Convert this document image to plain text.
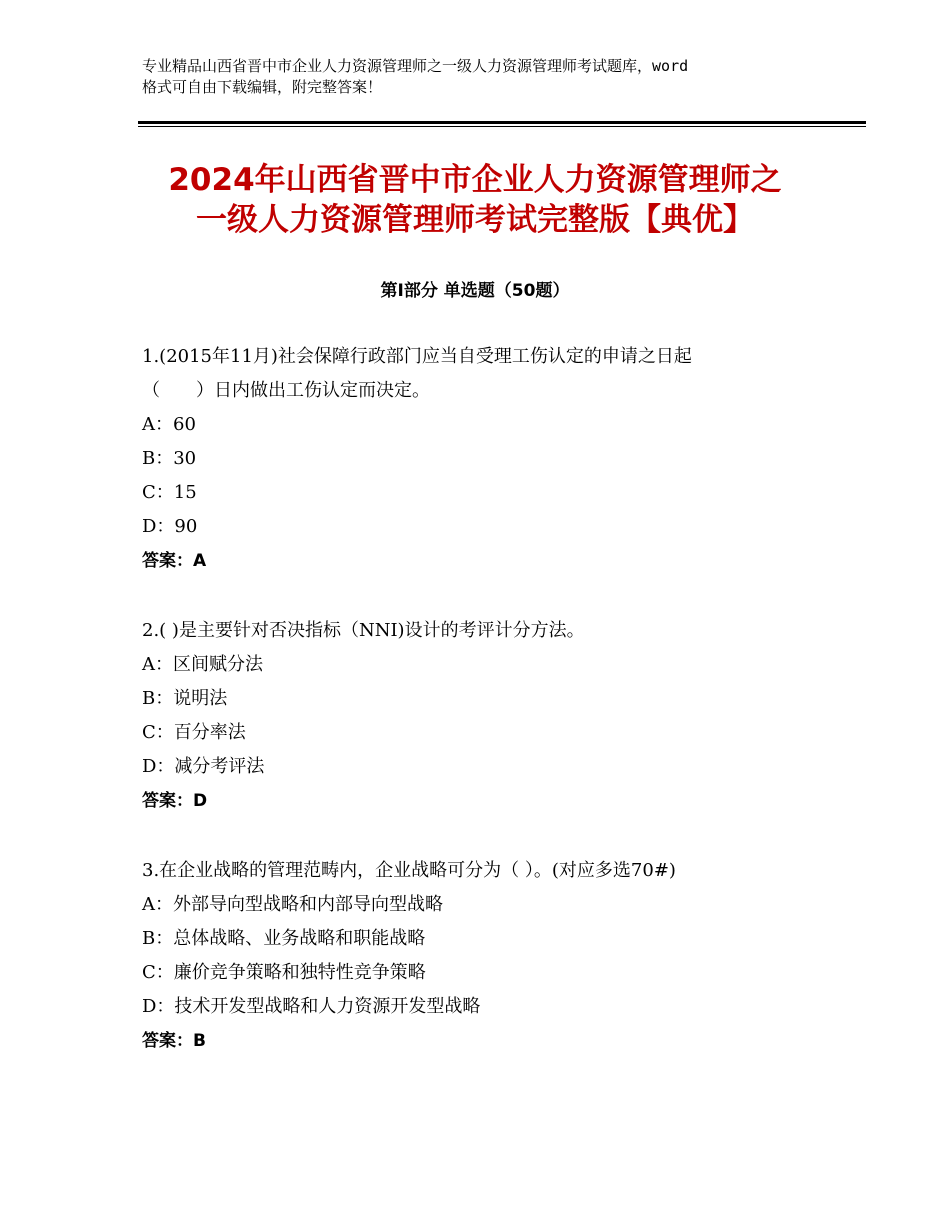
专业精品山西省晋中市企业人力资源管理师之一级人力资源管理师考试题库，word
格式可自由下载编辑，附完整答案！
2024年山西省晋中市企业人力资源管理师之
一级人力资源管理师考试完整版【典优】
第Ⅰ部分 单选题（50题）
1.(2015年11月)社会保障行政部门应当自受理工伤认定的申请之日起
（　　）日内做出工伤认定而决定。
A：60
B：30
C：15
D：90
答案：A
2.( )是主要针对否决指标（NNI)设计的考评计分方法。
A：区间赋分法
B：说明法
C：百分率法
D：减分考评法
答案：D
3.在企业战略的管理范畴内，企业战略可分为（ ）。(对应多选70#)
A：外部导向型战略和内部导向型战略
B：总体战略、业务战略和职能战略
C：廉价竞争策略和独特性竞争策略
D：技术开发型战略和人力资源开发型战略
答案：B
